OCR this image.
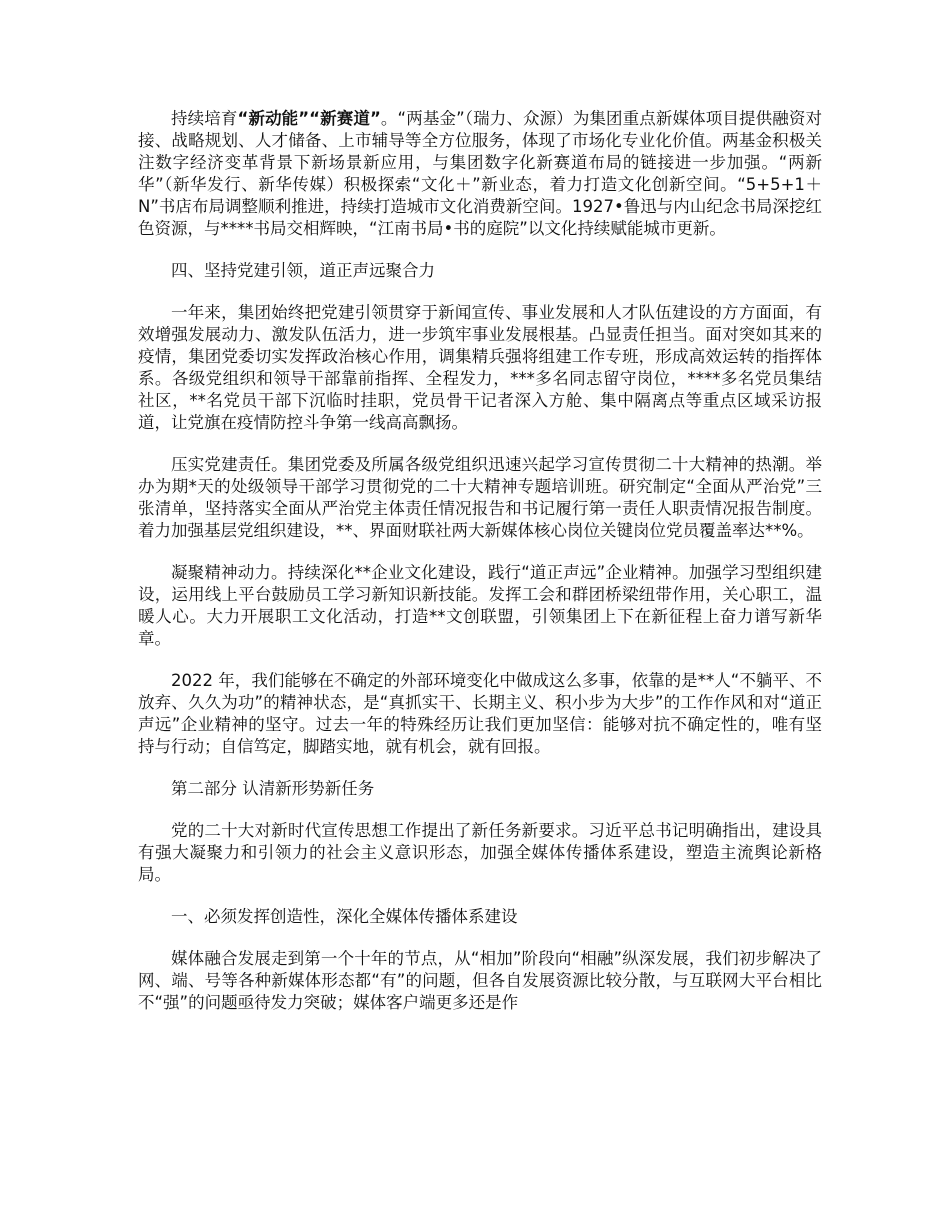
持续培育“新动能”“新赛道”。“两基金”（瑞力、众源）为集团重点新媒体项目提供融资对接、战略规划、人才储备、上市辅导等全方位服务，体现了市场化专业化价值。两基金积极关注数字经济变革背景下新场景新应用，与集团数字化新赛道布局的链接进一步加强。“两新华”（新华发行、新华传媒）积极探索“文化＋”新业态，着力打造文化创新空间。“5+5+1＋N”书店布局调整顺利推进，持续打造城市文化消费新空间。1927•鲁迅与内山纪念书局深挖红色资源，与****书局交相辉映，“江南书局•书的庭院”以文化持续赋能城市更新。

四、坚持党建引领，道正声远聚合力

一年来，集团始终把党建引领贯穿于新闻宣传、事业发展和人才队伍建设的方方面面，有效增强发展动力、激发队伍活力，进一步筑牢事业发展根基。凸显责任担当。面对突如其来的疫情，集团党委切实发挥政治核心作用，调集精兵强将组建工作专班，形成高效运转的指挥体系。各级党组织和领导干部靠前指挥、全程发力，***多名同志留守岗位，****多名党员集结社区，**名党员干部下沉临时挂职，党员骨干记者深入方舱、集中隔离点等重点区域采访报道，让党旗在疫情防控斗争第一线高高飘扬。

压实党建责任。集团党委及所属各级党组织迅速兴起学习宣传贯彻二十大精神的热潮。举办为期*天的处级领导干部学习贯彻党的二十大精神专题培训班。研究制定“全面从严治党”三张清单，坚持落实全面从严治党主体责任情况报告和书记履行第一责任人职责情况报告制度。着力加强基层党组织建设，**、界面财联社两大新媒体核心岗位关键岗位党员覆盖率达**%。

凝聚精神动力。持续深化**企业文化建设，践行“道正声远”企业精神。加强学习型组织建设，运用线上平台鼓励员工学习新知识新技能。发挥工会和群团桥梁纽带作用，关心职工，温暖人心。大力开展职工文化活动，打造**文创联盟，引领集团上下在新征程上奋力谱写新华章。

2022 年，我们能够在不确定的外部环境变化中做成这么多事，依靠的是**人“不躺平、不放弃、久久为功”的精神状态，是“真抓实干、长期主义、积小步为大步”的工作作风和对“道正声远”企业精神的坚守。过去一年的特殊经历让我们更加坚信：能够对抗不确定性的，唯有坚持与行动；自信笃定，脚踏实地，就有机会，就有回报。

第二部分 认清新形势新任务

党的二十大对新时代宣传思想工作提出了新任务新要求。习近平总书记明确指出，建设具有强大凝聚力和引领力的社会主义意识形态，加强全媒体传播体系建设，塑造主流舆论新格局。

一、必须发挥创造性，深化全媒体传播体系建设

媒体融合发展走到第一个十年的节点，从“相加”阶段向“相融”纵深发展，我们初步解决了网、端、号等各种新媒体形态都“有”的问题，但各自发展资源比较分散，与互联网大平台相比不“强”的问题亟待发力突破；媒体客户端更多还是作
